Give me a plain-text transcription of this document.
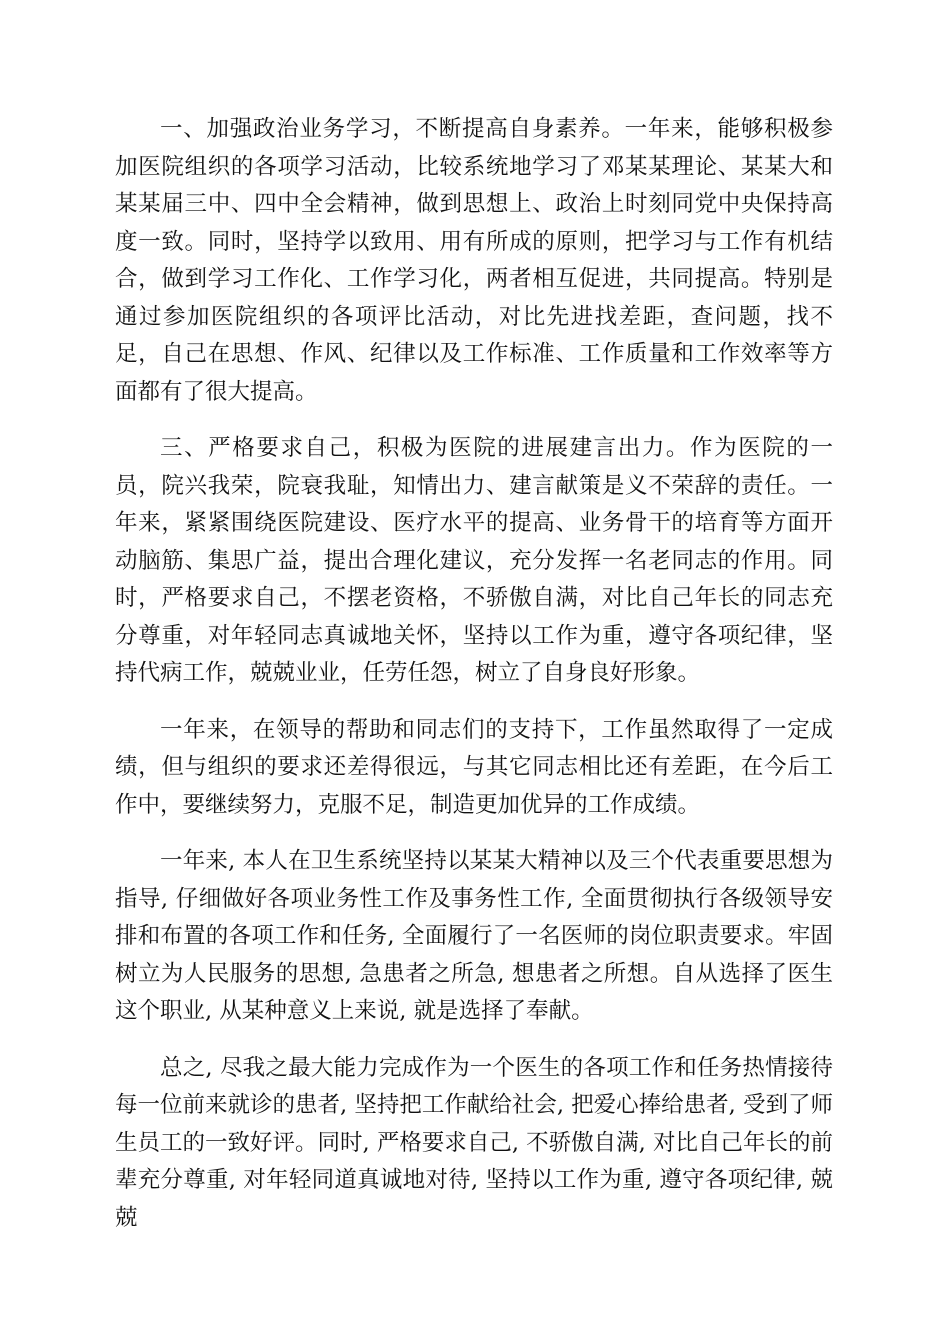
一、加强政治业务学习，不断提高自身素养。一年来，能够积极参加医院组织的各项学习活动，比较系统地学习了邓某某理论、某某大和某某届三中、四中全会精神，做到思想上、政治上时刻同党中央保持高度一致。同时，坚持学以致用、用有所成的原则，把学习与工作有机结合，做到学习工作化、工作学习化，两者相互促进，共同提高。特别是通过参加医院组织的各项评比活动，对比先进找差距，查问题，找不足，自己在思想、作风、纪律以及工作标准、工作质量和工作效率等方面都有了很大提高。

三、严格要求自己，积极为医院的进展建言出力。作为医院的一员，院兴我荣，院衰我耻，知情出力、建言献策是义不荣辞的责任。一年来，紧紧围绕医院建设、医疗水平的提高、业务骨干的培育等方面开动脑筋、集思广益，提出合理化建议，充分发挥一名老同志的作用。同时，严格要求自己，不摆老资格，不骄傲自满，对比自己年长的同志充分尊重，对年轻同志真诚地关怀，坚持以工作为重，遵守各项纪律，坚持代病工作，兢兢业业，任劳任怨，树立了自身良好形象。

一年来，在领导的帮助和同志们的支持下，工作虽然取得了一定成绩，但与组织的要求还差得很远，与其它同志相比还有差距，在今后工作中，要继续努力，克服不足，制造更加优异的工作成绩。

一年来, 本人在卫生系统坚持以某某大精神以及三个代表重要思想为指导, 仔细做好各项业务性工作及事务性工作, 全面贯彻执行各级领导安排和布置的各项工作和任务, 全面履行了一名医师的岗位职责要求。牢固树立为人民服务的思想, 急患者之所急, 想患者之所想。自从选择了医生这个职业, 从某种意义上来说, 就是选择了奉献。

总之, 尽我之最大能力完成作为一个医生的各项工作和任务热情接待每一位前来就诊的患者, 坚持把工作献给社会, 把爱心捧给患者, 受到了师生员工的一致好评。同时, 严格要求自己, 不骄傲自满, 对比自己年长的前辈充分尊重, 对年轻同道真诚地对待, 坚持以工作为重, 遵守各项纪律, 兢兢
